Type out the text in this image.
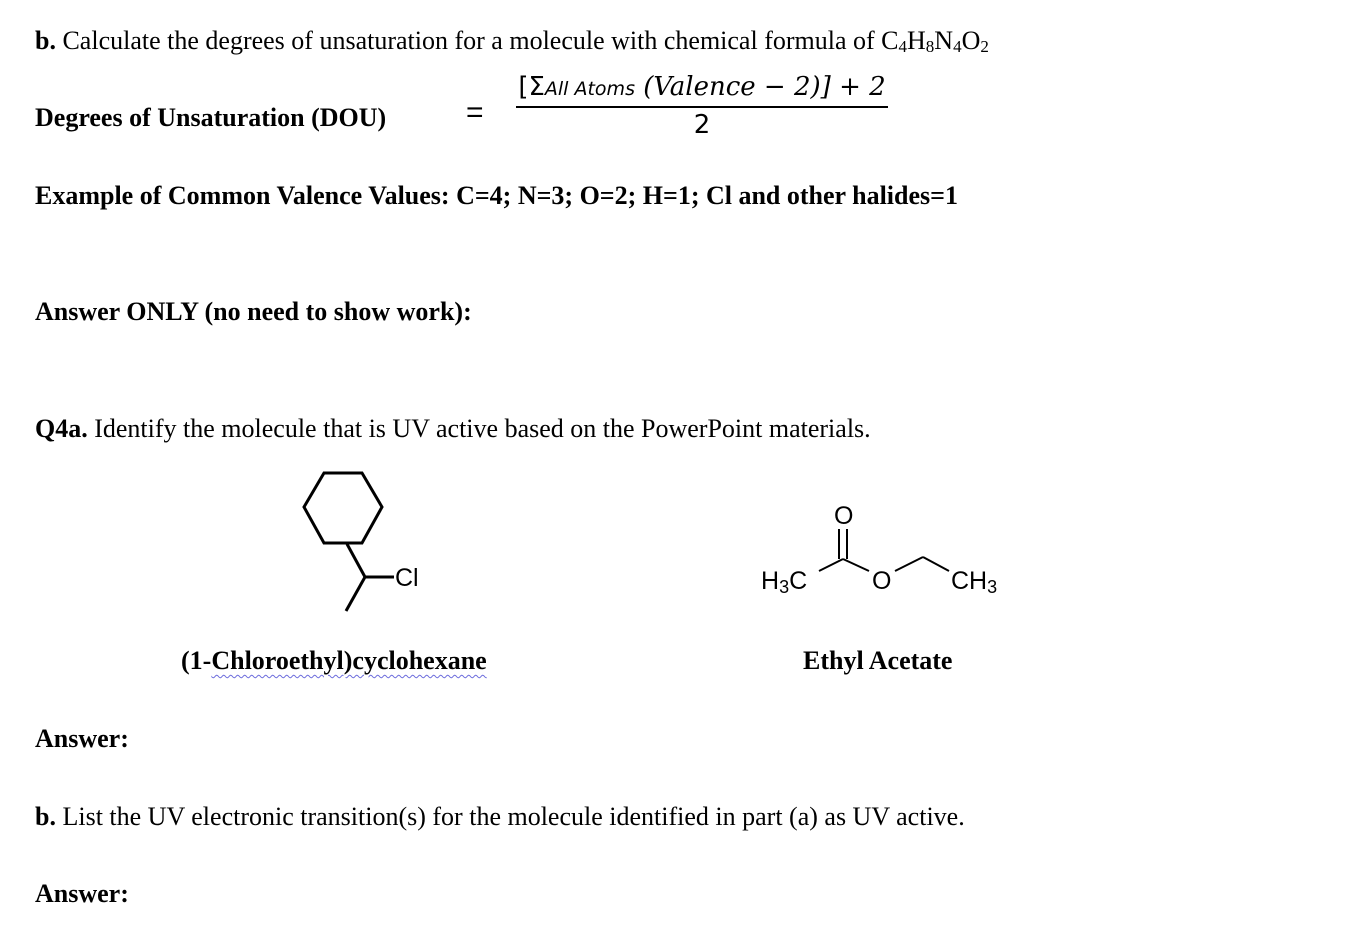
b. Calculate the degrees of unsaturation for a molecule with chemical formula of $C_4H_8N_4O_2$
Degrees of Unsaturation (DOU)	=
[ΣAll Atoms (Valence − 2)] + 2
2
Example of Common Valence Values: C=4; N=3; O=2; H=1; Cl and other halides=1
Answer ONLY (no need to show work):
Q4a. Identify the molecule that is UV active based on the PowerPoint materials.
Cl
O
H3C	O CH3
(1-Chloroethyl)cyclohexane	Ethyl Acetate
Answer:
b. List the UV electronic transition(s) for the molecule identified in part (a) as UV active.
Answer:
